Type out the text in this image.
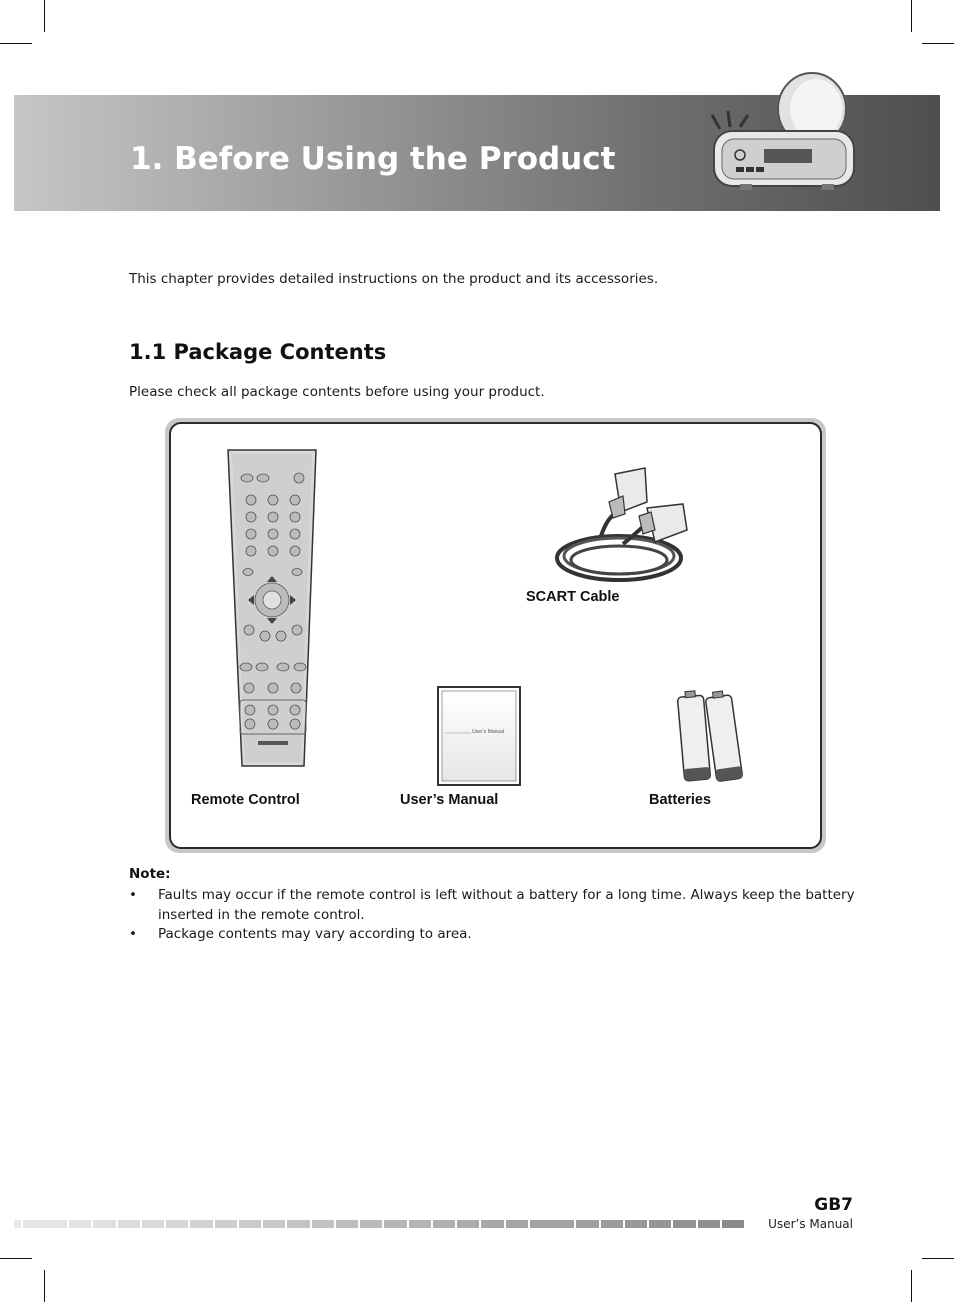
1. Before Using the Product
This chapter provides detailed instructions on the product and its accessories.
1.1 Package Contents
Please check all package contents before using your product.
Remote Control
SCART Cable
User’s Manual
User’s Manual	Batteries
Note:
• Faults may occur if the remote control is left without a battery for a long time. Always keep the battery inserted in the remote control.
• Package contents may vary according to area.
GB7
User’s Manual
